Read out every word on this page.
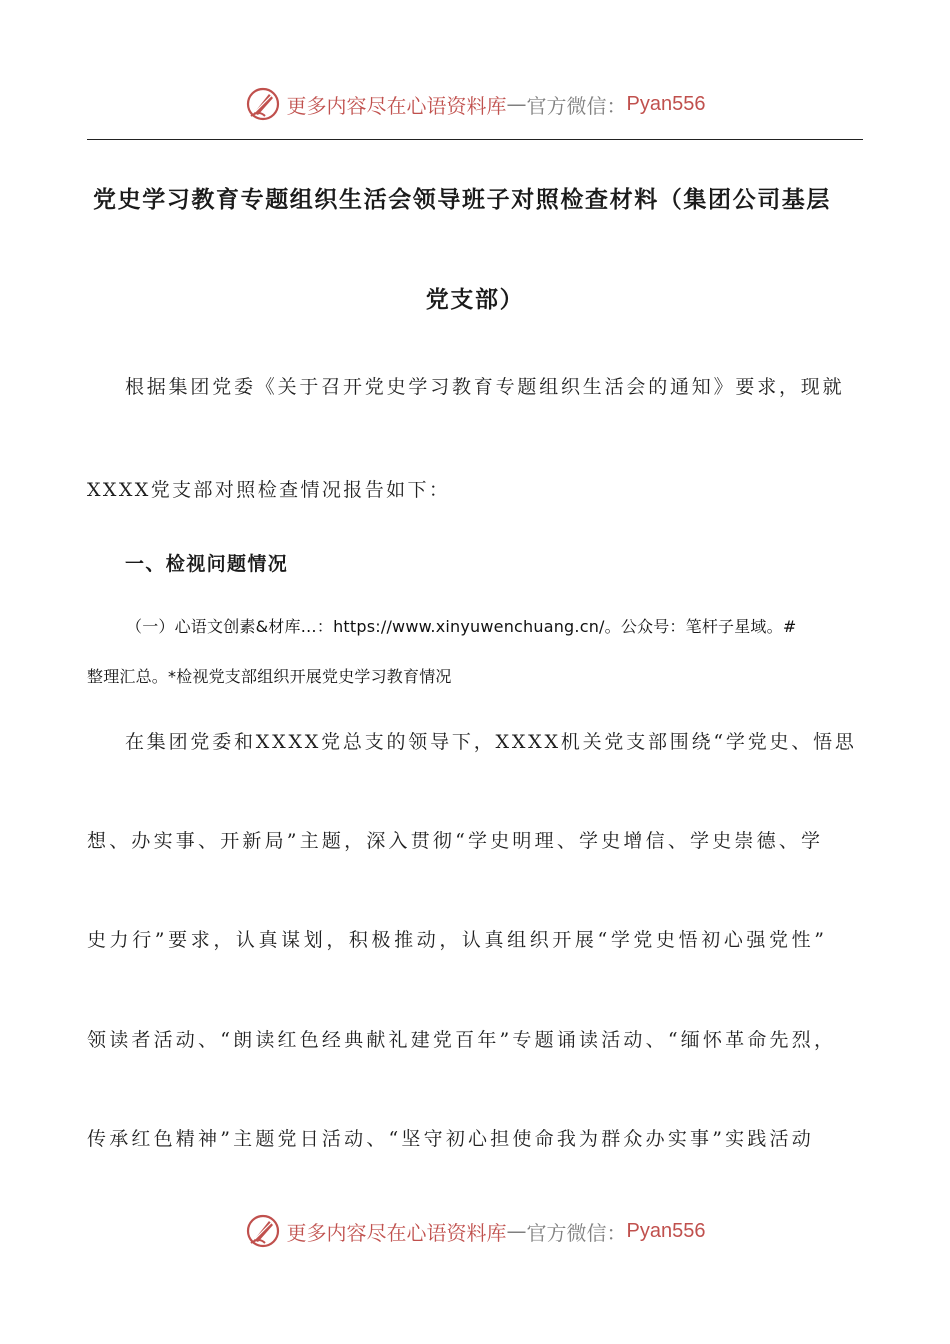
更多内容尽在心语资料库 — 官方微信： Pyan556
党史学习教育专题组织生活会领导班子对照检查材料（集团公司基层
党支部）
根据集团党委《关于召开党史学习教育专题组织生活会的通知》要求，现就
XXXX党支部对照检查情况报告如下：
一、检视问题情况
（一）心语文创素&材库…：https://www.xinyuwenchuang.cn/。公众号：笔杆子星域。#
整理汇总。*检视党支部组织开展党史学习教育情况
在集团党委和XXXX党总支的领导下，XXXX机关党支部围绕“学党史、悟思
想、办实事、开新局”主题，深入贯彻“学史明理、学史增信、学史崇德、学
史力行”要求，认真谋划，积极推动，认真组织开展“学党史悟初心强党性”
领读者活动、“朗读红色经典献礼建党百年”专题诵读活动、“缅怀革命先烈，
传承红色精神”主题党日活动、“坚守初心担使命我为群众办实事”实践活动
更多内容尽在心语资料库 — 官方微信： Pyan556
